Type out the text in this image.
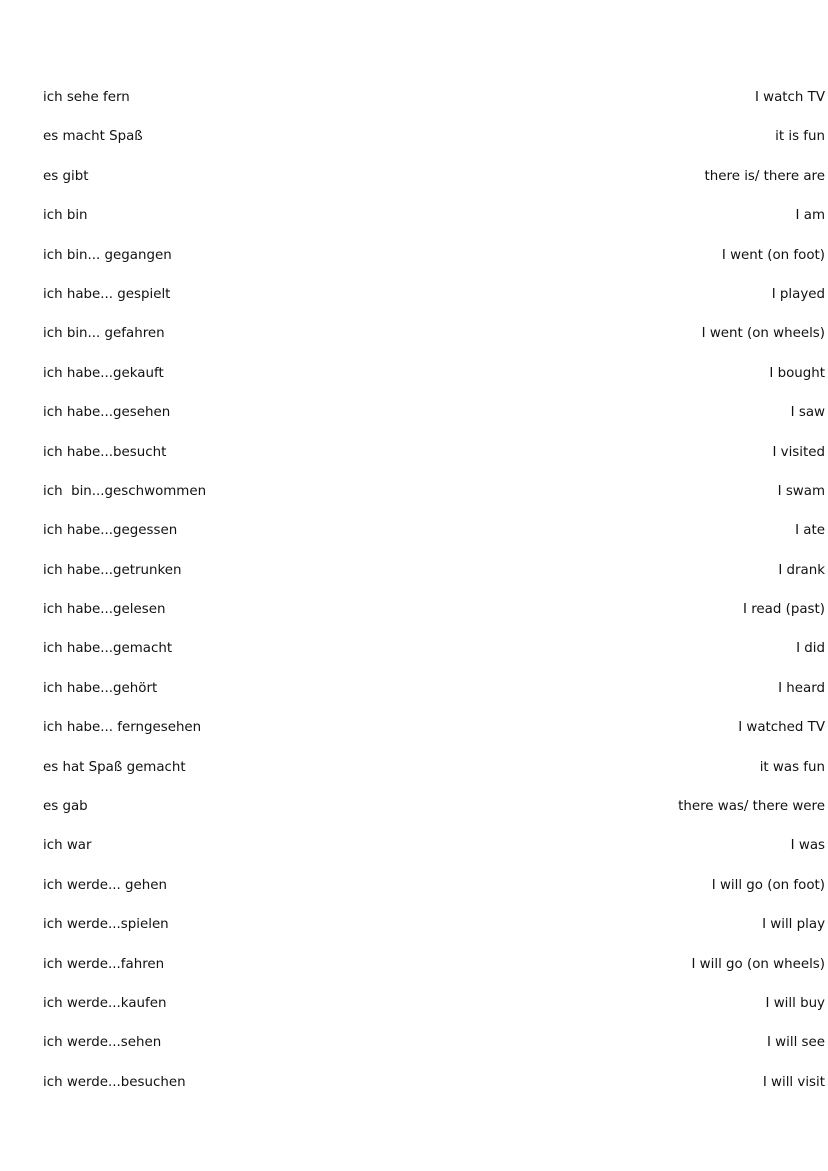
ich sehe fern	I watch TV
es macht Spaß	it is fun
es gibt	there is/ there are
ich bin	I am
ich bin... gegangen	I went (on foot)
ich habe... gespielt	I played
ich bin... gefahren	I went (on wheels)
ich habe...gekauft	I bought
ich habe...gesehen	I saw
ich habe...besucht	I visited
ich  bin...geschwommen	I swam
ich habe...gegessen	I ate
ich habe...getrunken	I drank
ich habe...gelesen	I read (past)
ich habe...gemacht	I did
ich habe...gehört	I heard
ich habe... ferngesehen	I watched TV
es hat Spaß gemacht	it was fun
es gab	there was/ there were
ich war	I was
ich werde... gehen	I will go (on foot)
ich werde...spielen	I will play
ich werde...fahren	I will go (on wheels)
ich werde...kaufen	I will buy
ich werde...sehen	I will see
ich werde...besuchen	I will visit
